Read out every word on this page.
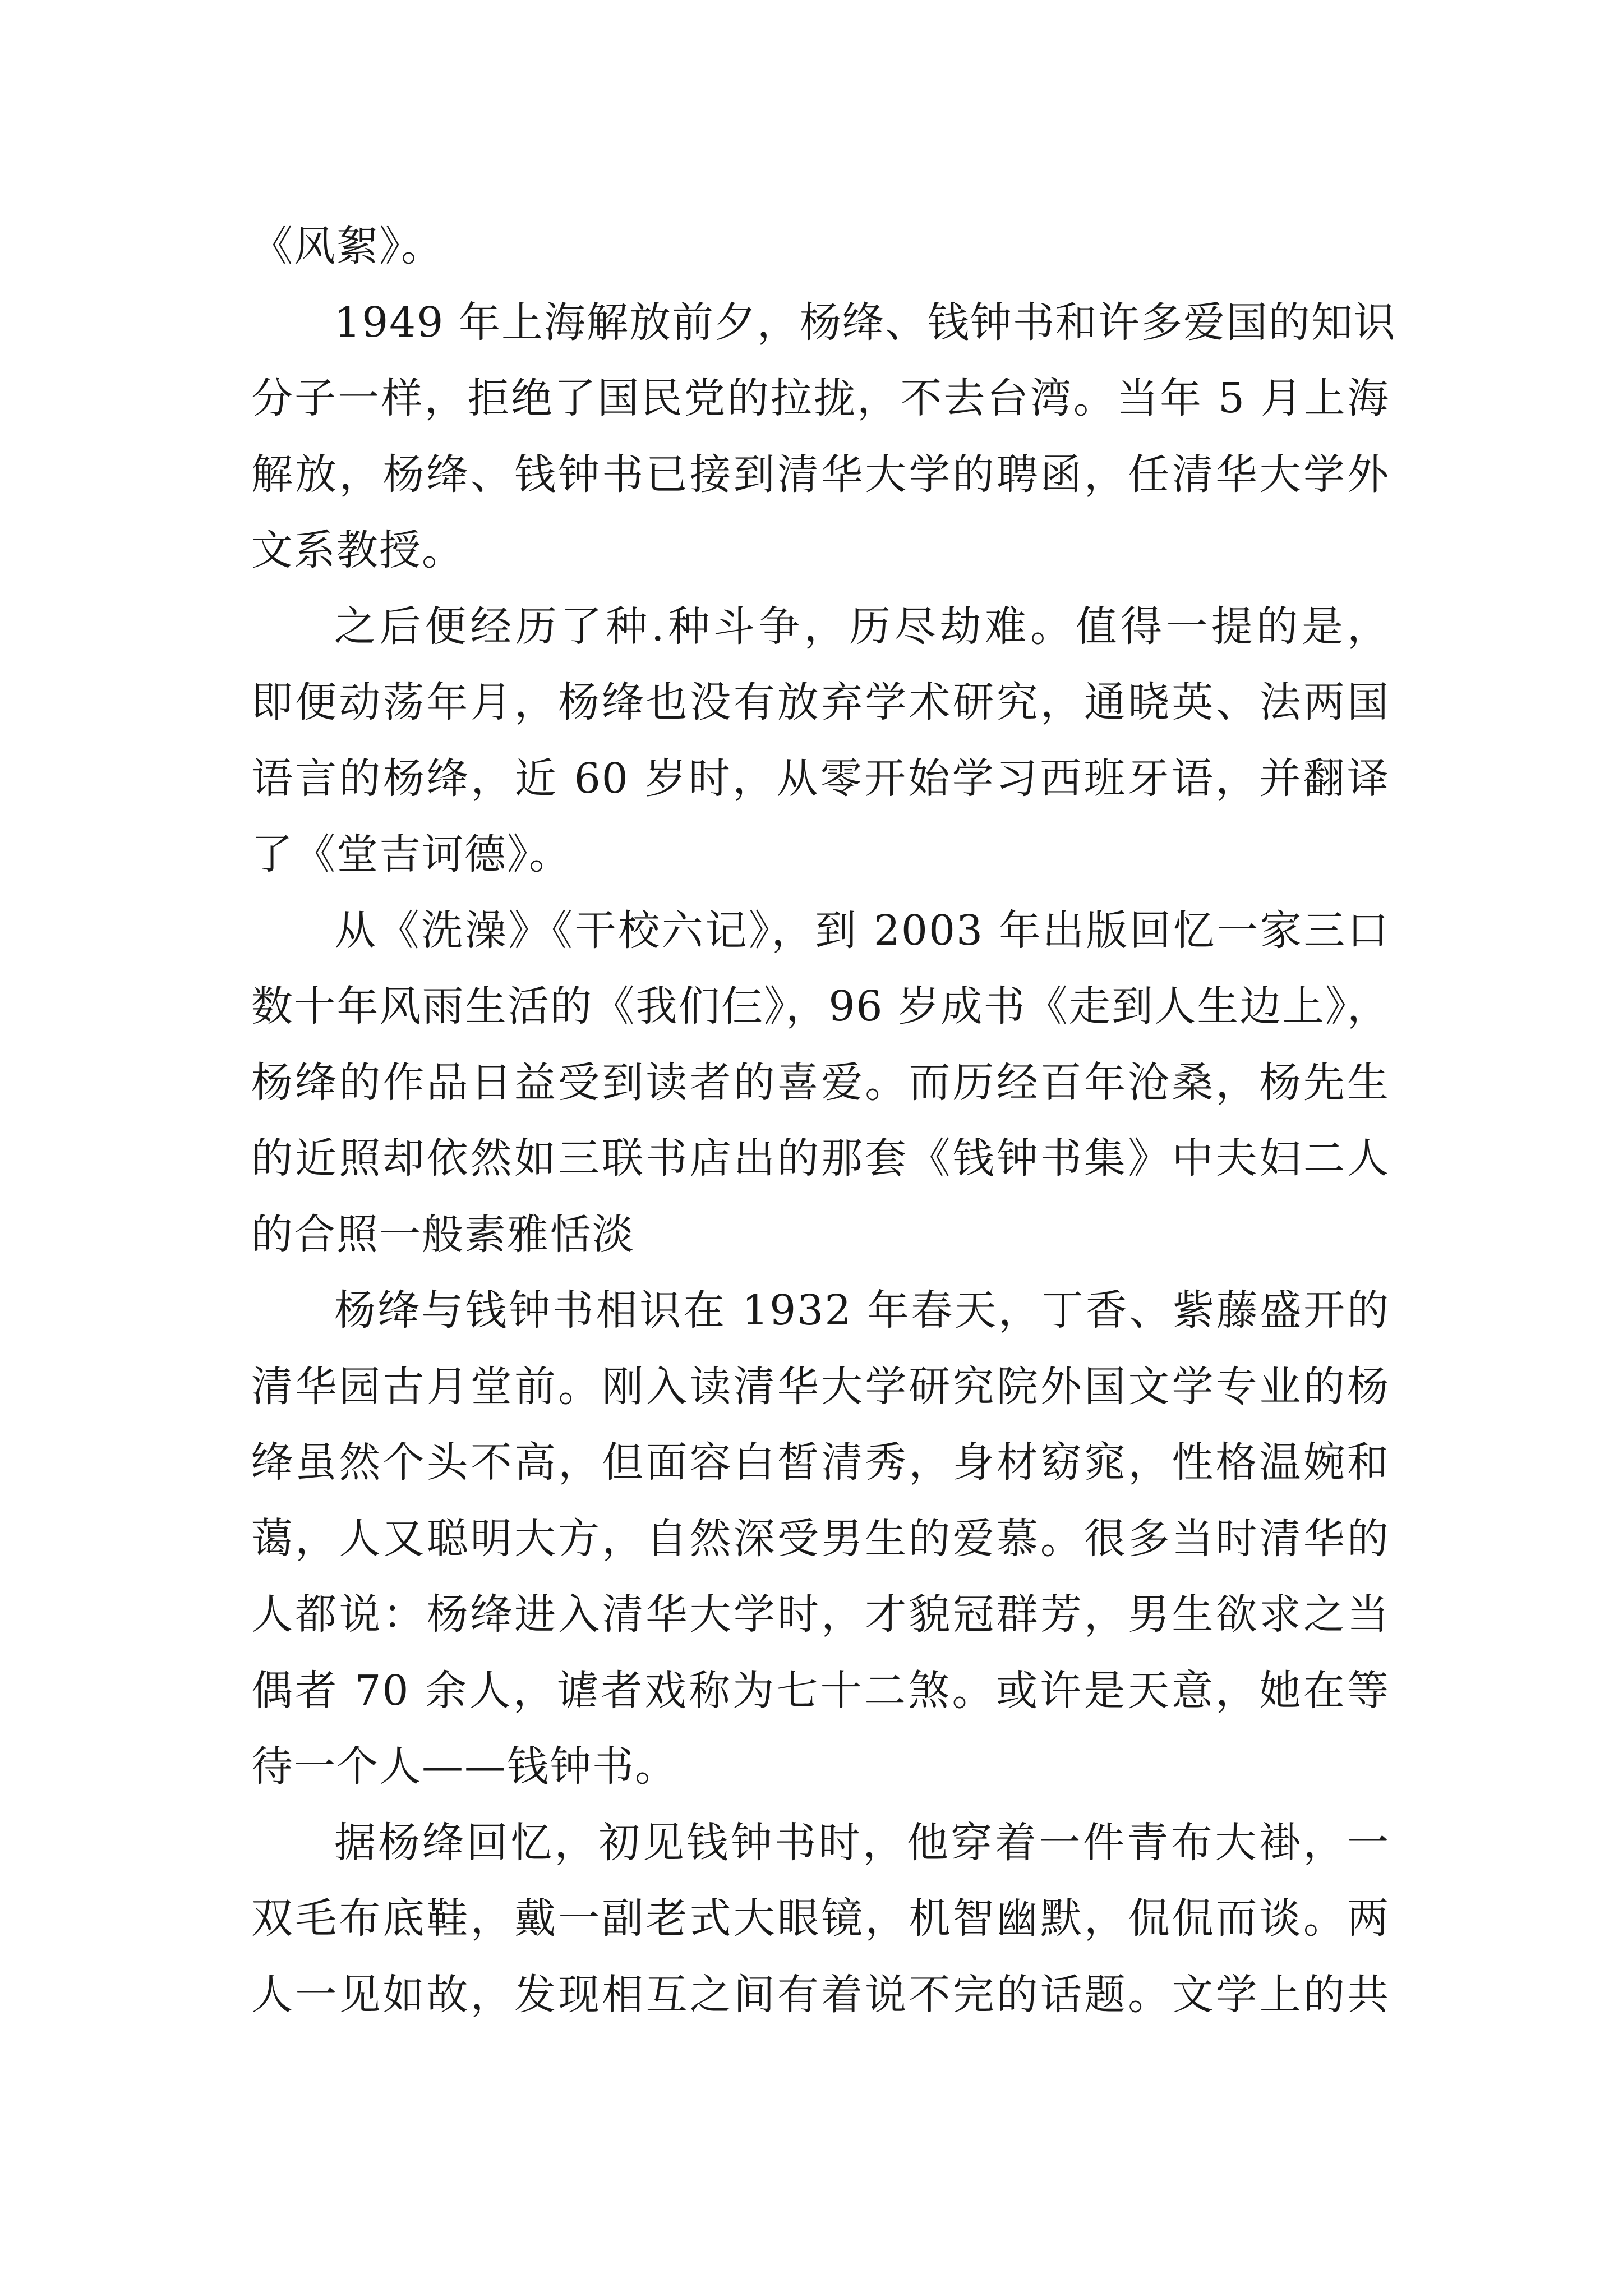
《风絮》。
1949 年上海解放前夕，杨绛、钱钟书和许多爱国的知识
分子一样，拒绝了国民党的拉拢，不去台湾。当年 5 月上海
解放，杨绛、钱钟书已接到清华大学的聘函，任清华大学外
文系教授。
之后便经历了种.种斗争，历尽劫难。值得一提的是，
即便动荡年月，杨绛也没有放弃学术研究，通晓英、法两国
语言的杨绛，近 60 岁时，从零开始学习西班牙语，并翻译
了《堂吉诃德》。
从《洗澡》《干校六记》，到 2003 年出版回忆一家三口
数十年风雨生活的《我们仨》，96 岁成书《走到人生边上》，
杨绛的作品日益受到读者的喜爱。而历经百年沧桑，杨先生
的近照却依然如三联书店出的那套《钱钟书集》中夫妇二人
的合照一般素雅恬淡
杨绛与钱钟书相识在 1932 年春天，丁香、紫藤盛开的
清华园古月堂前。刚入读清华大学研究院外国文学专业的杨
绛虽然个头不高，但面容白皙清秀，身材窈窕，性格温婉和
蔼，人又聪明大方，自然深受男生的爱慕。很多当时清华的
人都说：杨绛进入清华大学时，才貌冠群芳，男生欲求之当
偶者 70 余人，谑者戏称为七十二煞。或许是天意，她在等
待一个人——钱钟书。
据杨绛回忆，初见钱钟书时，他穿着一件青布大褂，一
双毛布底鞋，戴一副老式大眼镜，机智幽默，侃侃而谈。两
人一见如故，发现相互之间有着说不完的话题。文学上的共
